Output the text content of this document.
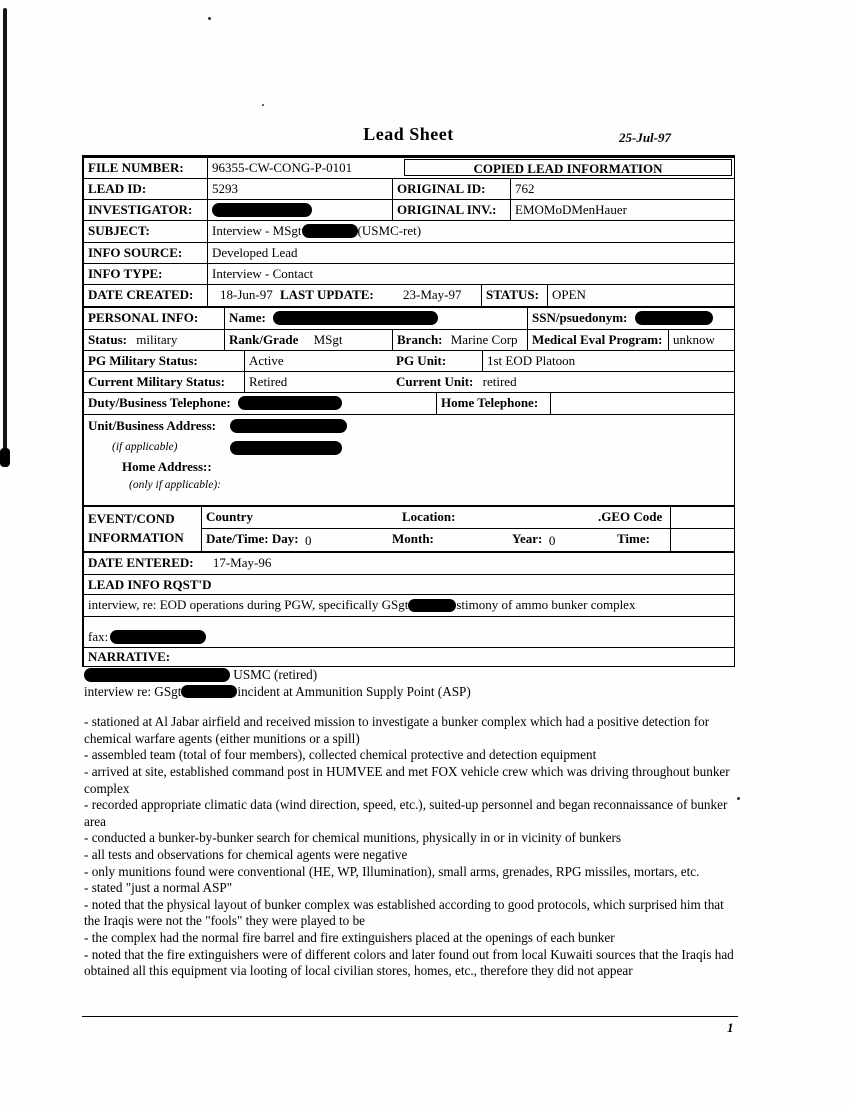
Lead Sheet	25-Jul-97
FILE NUMBER:	96355-CW-CONG-P-0101	COPIED LEAD INFORMATION
LEAD ID:	5293	ORIGINAL ID:	762
INVESTIGATOR:	ORIGINAL INV.:	EMOMoDMenHauer
SUBJECT:	Interview - MSgt	(USMC-ret)
INFO SOURCE:	Developed Lead
INFO TYPE:	Interview - Contact
DATE CREATED:	18-Jun-97 LAST UPDATE: 23-May-97	STATUS:	OPEN
PERSONAL INFO:	Name:	SSN/psuedonym:
Status: military	Rank/Grade MSgt	Branch: Marine Corp	Medical Eval Program: unknow
PG Military Status:	Active	PG Unit:	1st EOD Platoon
Current Military Status:	Retired	Current Unit: retired
Duty/Business Telephone:	Home Telephone:
Unit/Business Address:
(if applicable)
Home Address::
(only if applicable):
EVENT/COND
INFORMATION
Country	Location:	.GEO Code
Date/Time: Day: 0	Month:	Year: 0	Time:
DATE ENTERED: 17-May-96
LEAD INFO RQST'D
interview, re: EOD operations during PGW, specifically GSgt	stimony of ammo bunker complex
fax:
NARRATIVE:
USMC (retired)
interview re: GSgt	incident at Ammunition Supply Point (ASP)
- stationed at Al Jabar airfield and received mission to investigate a bunker complex which had a positive detection for chemical warfare agents (either munitions or a spill)
- assembled team (total of four members), collected chemical protective and detection equipment
- arrived at site, established command post in HUMVEE and met FOX vehicle crew which was driving throughout bunker complex
- recorded appropriate climatic data (wind direction, speed, etc.), suited-up personnel and began reconnaissance of bunker area
- conducted a bunker-by-bunker search for chemical munitions, physically in or in vicinity of bunkers
- all tests and observations for chemical agents were negative
- only munitions found were conventional (HE, WP, Illumination), small arms, grenades, RPG missiles, mortars, etc.
- stated "just a normal ASP"
- noted that the physical layout of bunker complex was established according to good protocols, which surprised him that the Iraqis were not the "fools" they were played to be
- the complex had the normal fire barrel and fire extinguishers placed at the openings of each bunker
- noted that the fire extinguishers were of different colors and later found out from local Kuwaiti sources that the Iraqis had obtained all this equipment via looting of local civilian stores, homes, etc., therefore they did not appear
1
